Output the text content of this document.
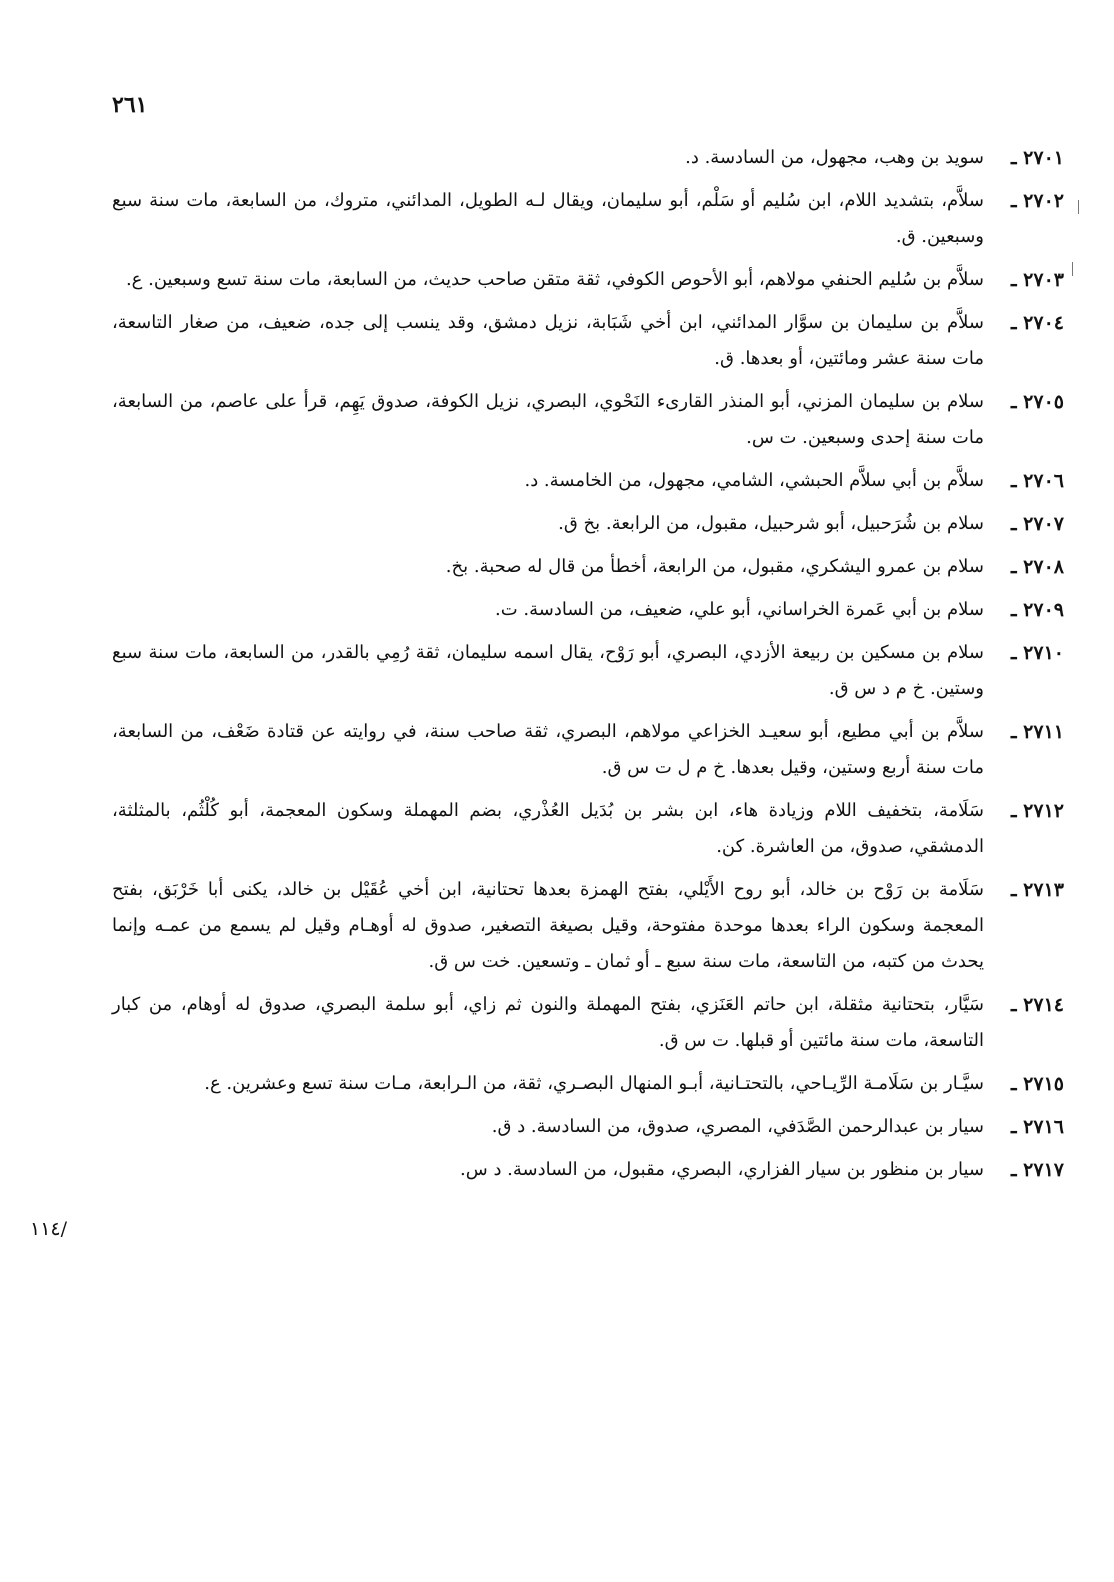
٢٦١
/١١٤
٢٧٠١ ـ
سويد بن وهب، مجهول، من السادسة. د.
٢٧٠٢ ـ
سلاَّم، بتشديد اللام، ابن سُليم أو سَلْم، أبو سليمان، ويقال لـه الطويل، المدائني، متروك، من السابعة، مات سنة سبع وسبعين. ق.
٢٧٠٣ ـ
سلاَّم بن سُليم الحنفي مولاهم، أبو الأحوص الكوفي، ثقة متقن صاحب حديث، من السابعة، مات سنة تسع وسبعين. ع.
٢٧٠٤ ـ
سلاَّم بن سليمان بن سوَّار المدائني، ابن أخي شَبَابة، نزيل دمشق، وقد ينسب إلى جده، ضعيف، من صغار التاسعة، مات سنة عشر ومائتين، أو بعدها. ق.
٢٧٠٥ ـ
سلام بن سليمان المزني، أبو المنذر القارىء النَحْوي، البصري، نزيل الكوفة، صدوق يَهِم، قرأ على عاصم، من السابعة، مات سنة إحدى وسبعين. ت س.
٢٧٠٦ ـ
سلاَّم بن أبي سلاَّم الحبشي، الشامي، مجهول، من الخامسة. د.
٢٧٠٧ ـ
سلام بن شُرَحبيل، أبو شرحبيل، مقبول، من الرابعة. بخ ق.
٢٧٠٨ ـ
سلام بن عمرو اليشكري، مقبول، من الرابعة، أخطأ من قال له صحبة. بخ.
٢٧٠٩ ـ
سلام بن أبي عَمرة الخراساني، أبو علي، ضعيف، من السادسة. ت.
٢٧١٠ ـ
سلام بن مسكين بن ربيعة الأزدي، البصري، أبو رَوْح، يقال اسمه سليمان، ثقة رُمِي بالقدر، من السابعة، مات سنة سبع وستين. خ م د س ق.
٢٧١١ ـ
سلاَّم بن أبي مطيع، أبو سعيـد الخزاعي مولاهم، البصري، ثقة صاحب سنة، في روايته عن قتادة ضَعْف، من السابعة، مات سنة أربع وستين، وقيل بعدها. خ م ل ت س ق.
٢٧١٢ ـ
سَلَامة، بتخفيف اللام وزيادة هاء، ابن بشر بن بُدَيل العُذْري، بضم المهملة وسكون المعجمة، أبو كُلْثُم، بالمثلثة، الدمشقي، صدوق، من العاشرة. كن.
٢٧١٣ ـ
سَلَامة بن رَوْح بن خالد، أبو روح الأَيْلي، بفتح الهمزة بعدها تحتانية، ابن أخي عُقَيْل بن خالد، يكنى أبا خَرْبَق، بفتح المعجمة وسكون الراء بعدها موحدة مفتوحة، وقيل بصيغة التصغير، صدوق له أوهـام وقيل لم يسمع من عمـه وإنما يحدث من كتبه، من التاسعة، مات سنة سبع ـ أو ثمان ـ وتسعين. خت س ق.
٢٧١٤ ـ
سَيَّار، بتحتانية مثقلة، ابن حاتم العَنَزي، بفتح المهملة والنون ثم زاي، أبو سلمة البصري، صدوق له أوهام، من كبار التاسعة، مات سنة مائتين أو قبلها. ت س ق.
٢٧١٥ ـ
سيَّـار بن سَلَامـة الرِّيـاحي، بالتحتـانية، أبـو المنهال البصـري، ثقة، من الـرابعة، مـات سنة تسع وعشرين. ع.
٢٧١٦ ـ
سيار بن عبدالرحمن الصَّدَفي، المصري، صدوق، من السادسة. د ق.
٢٧١٧ ـ
سيار بن منظور بن سيار الفزاري، البصري، مقبول، من السادسة. د س.
